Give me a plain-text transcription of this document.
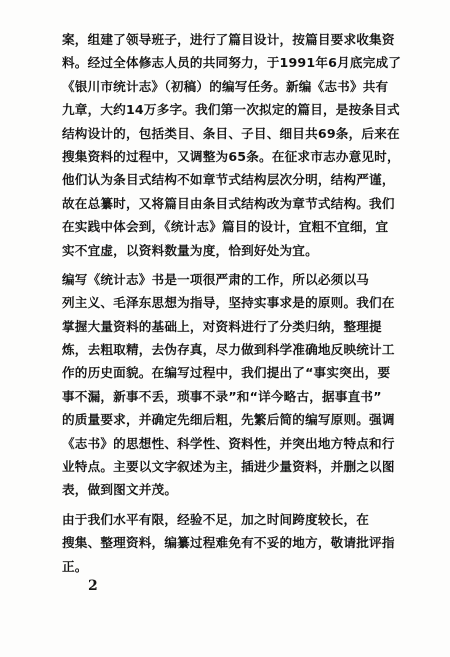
案，组建了领导班子，进行了篇目设计，按篇目要求收集资
料。经过全体修志人员的共同努力，于1991年6月底完成了
《银川市统计志》（初稿）的编写任务。新编《志书》共有
九章，大约14万多字。我们第一次拟定的篇目，是按条目式
结构设计的，包括类目、条目、子目、细目共69条，后来在
搜集资料的过程中，又调整为65条。在征求市志办意见时，
他们认为条目式结构不如章节式结构层次分明，结构严谨，
故在总纂时，又将篇目由条目式结构改为章节式结构。我们
在实践中体会到，《统计志》篇目的设计，宜粗不宜细，宜
实不宜虚，以资料数量为度，恰到好处为宜。
编写《统计志》书是一项很严肃的工作，所以必须以马
列主义、毛泽东思想为指导，坚持实事求是的原则。我们在
掌握大量资料的基础上，对资料进行了分类归纳，整理提
炼，去粗取精，去伪存真，尽力做到科学准确地反映统计工
作的历史面貌。在编写过程中，我们提出了“事实突出，要
事不漏，新事不丢，琐事不录”和“详今略古，据事直书”
的质量要求，并确定先细后粗，先繁后简的编写原则。强调
《志书》的思想性、科学性、资料性，并突出地方特点和行
业特点。主要以文字叙述为主，插进少量资料，并删之以图
表，做到图文并茂。
由于我们水平有限，经验不足，加之时间跨度较长，在
搜集、整理资料，编纂过程难免有不妥的地方，敬请批评指
正。
2
